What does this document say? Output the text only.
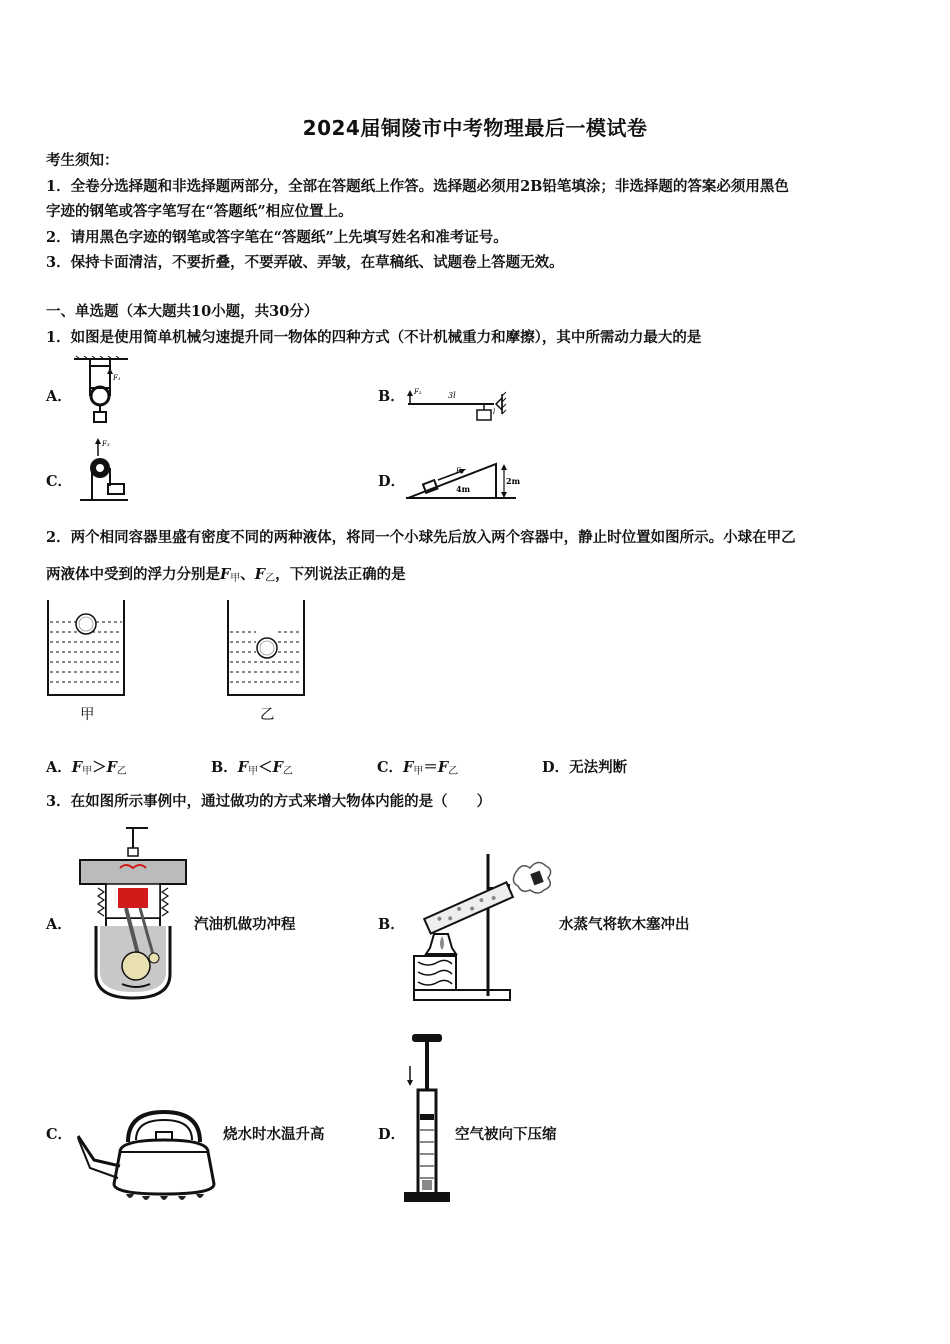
2024届铜陵市中考物理最后一模试卷
考生须知：
1．全卷分选择题和非选择题两部分，全部在答题纸上作答。选择题必须用2B铅笔填涂；非选择题的答案必须用黑色
字迹的钢笔或答字笔写在“答题纸”相应位置上。
2．请用黑色字迹的钢笔或答字笔在“答题纸”上先填写姓名和准考证号。
3．保持卡面清洁，不要折叠，不要弄破、弄皱，在草稿纸、试题卷上答题无效。
一、单选题（本大题共10小题，共30分）
1．如图是使用简单机械匀速提升同一物体的四种方式（不计机械重力和摩擦），其中所需动力最大的是
A．
F₁
B． F₂	3l
l
C．
F₃
D．
F₄
4m
2m
2．两个相同容器里盛有密度不同的两种液体，将同一个小球先后放入两个容器中，静止时位置如图所示。小球在甲乙
两液体中受到的浮力分别是$F_甲$、$F_乙$，下列说法正确的是
甲	乙
A．$F_甲>F_乙$	B．$F_甲<F_乙$	C．$F_甲=F_乙$	D．无法判断
3．在如图所示事例中，通过做功的方式来增大物体内能的是（　　）
A．	汽油机做功冲程	B．	水蒸气将软木塞冲出
C．	烧水时水温升高	D．	空气被向下压缩
